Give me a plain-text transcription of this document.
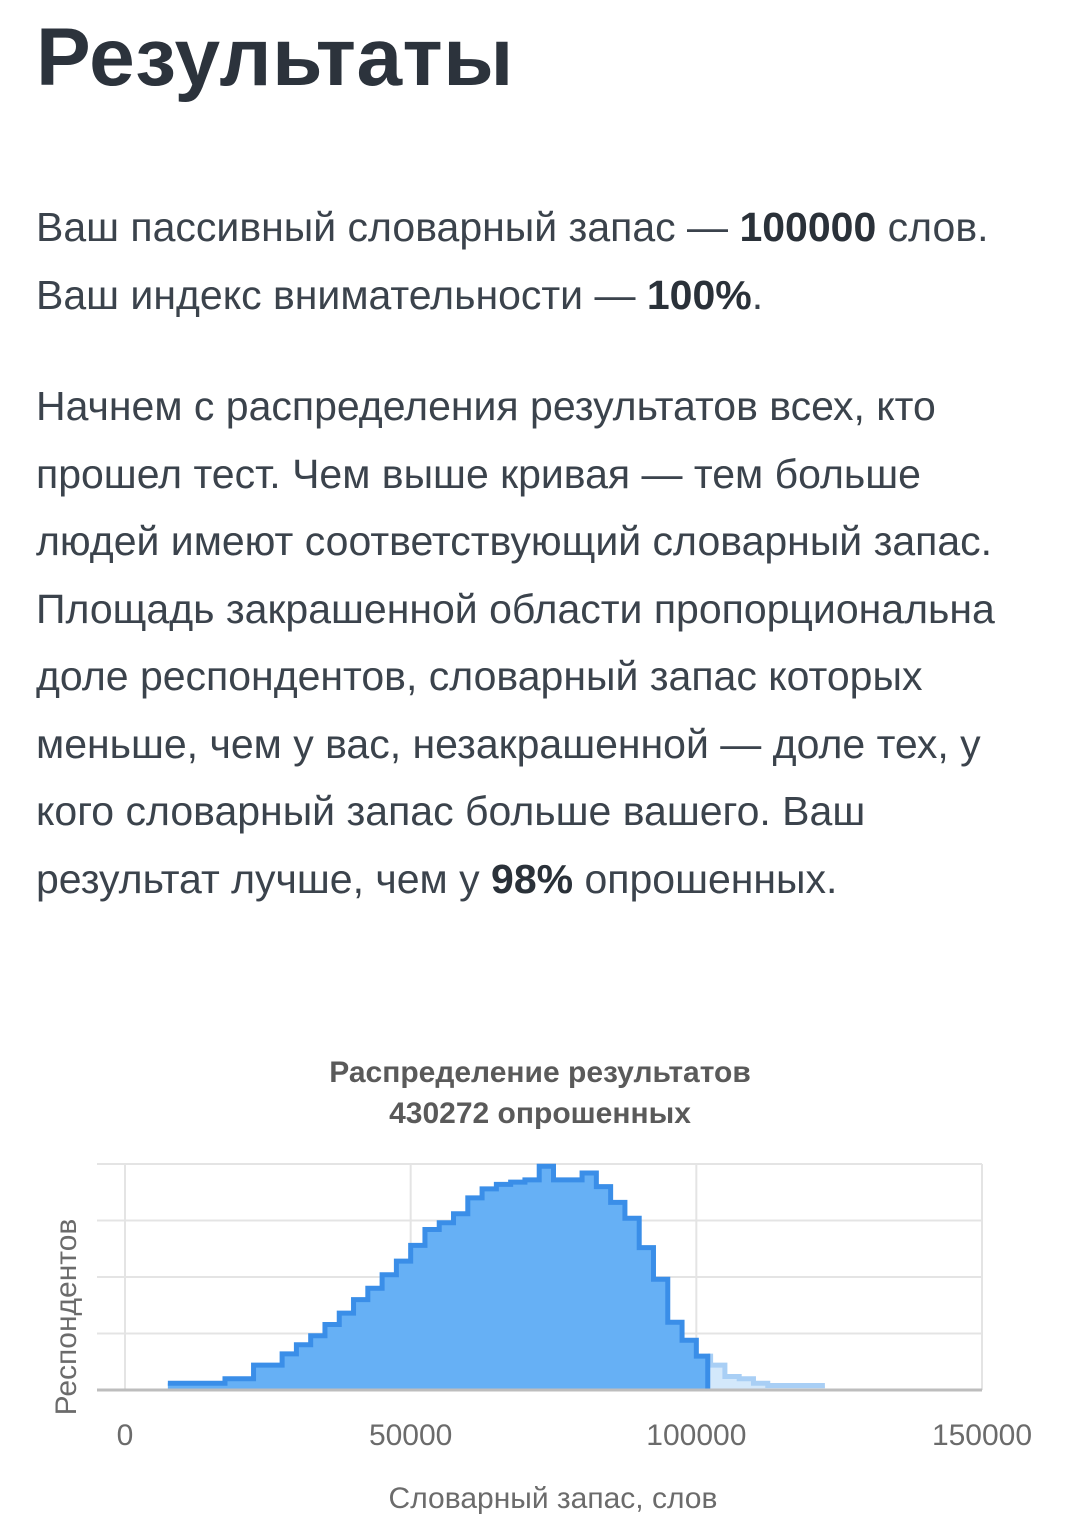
Результаты

Ваш пассивный словарный запас — 100000 слов. Ваш индекс внимательности — 100%.

Начнем с распределения результатов всех, кто прошел тест. Чем выше кривая — тем больше людей имеют соответствующий словарный запас. Площадь закрашенной области пропорциональна доле респондентов, словарный запас которых меньше, чем у вас, незакрашенной — доле тех, у кого словарный запас больше вашего. Ваш результат лучше, чем у 98% опрошенных.

Распределение результатов
430272 опрошенных
0	50000	100000	150000
Респондентов
Словарный запас, слов
